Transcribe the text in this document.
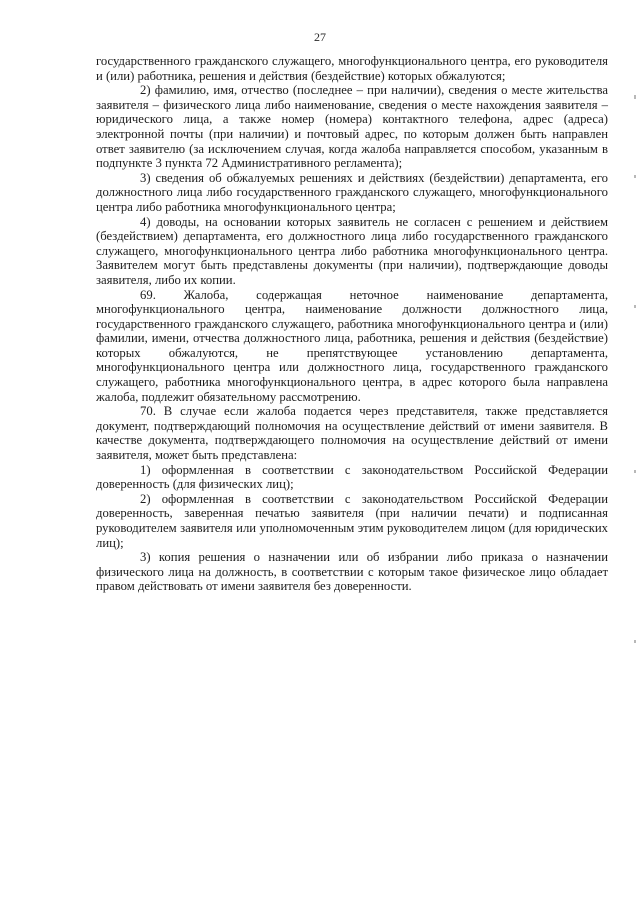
27

государственного гражданского служащего, многофункционального центра, его руководителя и (или) работника, решения и действия (бездействие) которых обжалуются;

2) фамилию, имя, отчество (последнее – при наличии), сведения о месте жительства заявителя – физического лица либо наименование, сведения о месте нахождения заявителя – юридического лица, а также номер (номера) контактного телефона, адрес (адреса) электронной почты (при наличии) и почтовый адрес, по которым должен быть направлен ответ заявителю (за исключением случая, когда жалоба направляется способом, указанным в подпункте 3 пункта 72 Административного регламента);

3) сведения об обжалуемых решениях и действиях (бездействии) департамента, его должностного лица либо государственного гражданского служащего, многофункционального центра либо работника многофункционального центра;

4) доводы, на основании которых заявитель не согласен с решением и действием (бездействием) департамента, его должностного лица либо государственного гражданского служащего, многофункционального центра либо работника многофункционального центра. Заявителем могут быть представлены документы (при наличии), подтверждающие доводы заявителя, либо их копии.

69. Жалоба, содержащая неточное наименование департамента, многофункционального центра, наименование должности должностного лица, государственного гражданского служащего, работника многофункционального центра и (или) фамилии, имени, отчества должностного лица, работника, решения и действия (бездействие) которых обжалуются, не препятствующее установлению департамента, многофункционального центра или должностного лица, государственного гражданского служащего, работника многофункционального центра, в адрес которого была направлена жалоба, подлежит обязательному рассмотрению.

70. В случае если жалоба подается через представителя, также представляется документ, подтверждающий полномочия на осуществление действий от имени заявителя. В качестве документа, подтверждающего полномочия на осуществление действий от имени заявителя, может быть представлена:

1) оформленная в соответствии с законодательством Российской Федерации доверенность (для физических лиц);

2) оформленная в соответствии с законодательством Российской Федерации доверенность, заверенная печатью заявителя (при наличии печати) и подписанная руководителем заявителя или уполномоченным этим руководителем лицом (для юридических лиц);

3) копия решения о назначении или об избрании либо приказа о назначении физического лица на должность, в соответствии с которым такое физическое лицо обладает правом действовать от имени заявителя без доверенности.
